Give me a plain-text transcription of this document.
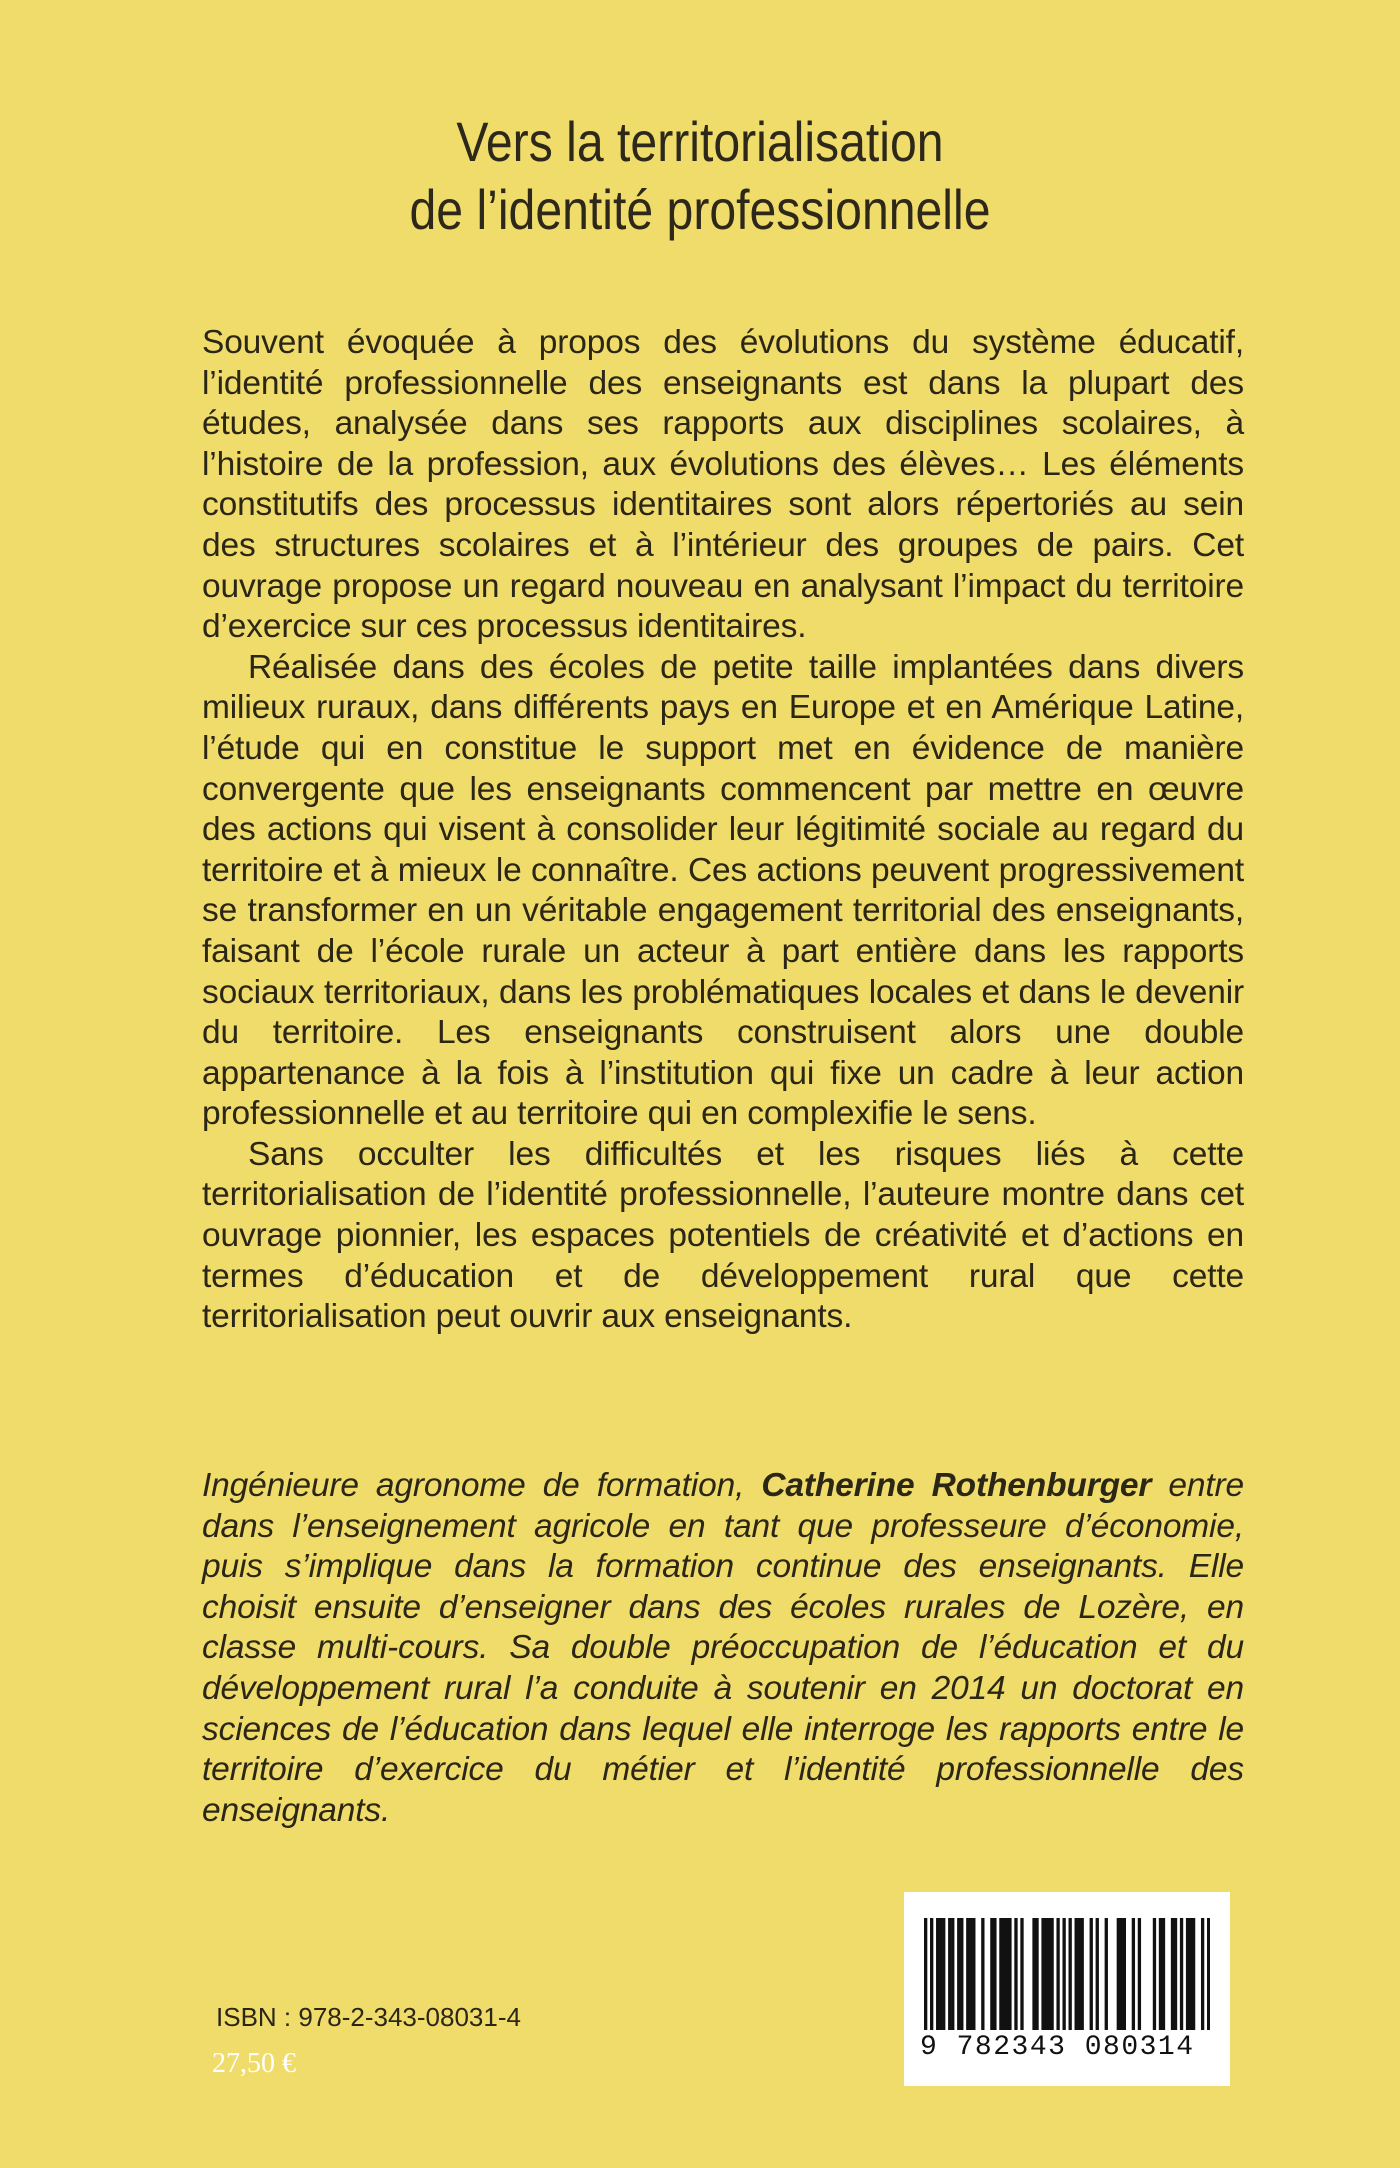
Vers la territorialisation
de l’identité professionnelle

Souvent évoquée à propos des évolutions du système éducatif, l’identité professionnelle des enseignants est dans la plupart des études, analysée dans ses rapports aux disciplines scolaires, à l’histoire de la profession, aux évolutions des élèves… Les éléments constitutifs des processus identitaires sont alors répertoriés au sein des structures scolaires et à l’intérieur des groupes de pairs. Cet ouvrage propose un regard nouveau en analysant l’impact du territoire d’exercice sur ces processus identitaires.

Réalisée dans des écoles de petite taille implantées dans divers milieux ruraux, dans différents pays en Europe et en Amérique Latine, l’étude qui en constitue le support met en évidence de manière convergente que les enseignants commencent par mettre en œuvre des actions qui visent à consolider leur légitimité sociale au regard du territoire et à mieux le connaître. Ces actions peuvent progressivement se transformer en un véritable engagement territorial des enseignants, faisant de l’école rurale un acteur à part entière dans les rapports sociaux territoriaux, dans les problématiques locales et dans le devenir du territoire. Les enseignants construisent alors une double appartenance à la fois à l’institution qui fixe un cadre à leur action professionnelle et au territoire qui en complexifie le sens.

Sans occulter les difficultés et les risques liés à cette territorialisation de l’identité professionnelle, l’auteure montre dans cet ouvrage pionnier, les espaces potentiels de créativité et d’actions en termes d’éducation et de développement rural que cette territorialisation peut ouvrir aux enseignants.

Ingénieure agronome de formation, Catherine Rothenburger entre dans l’enseignement agricole en tant que professeure d’économie, puis s’implique dans la formation continue des enseignants. Elle choisit ensuite d’enseigner dans des écoles rurales de Lozère, en classe multi-cours. Sa double préoccupation de l’éducation et du développement rural l’a conduite à soutenir en 2014 un doctorat en sciences de l’éducation dans lequel elle interroge les rapports entre le territoire d’exercice du métier et l’identité professionnelle des enseignants.
ISBN : 978-2-343-08031-4
27,50 €
9 782343 080314
